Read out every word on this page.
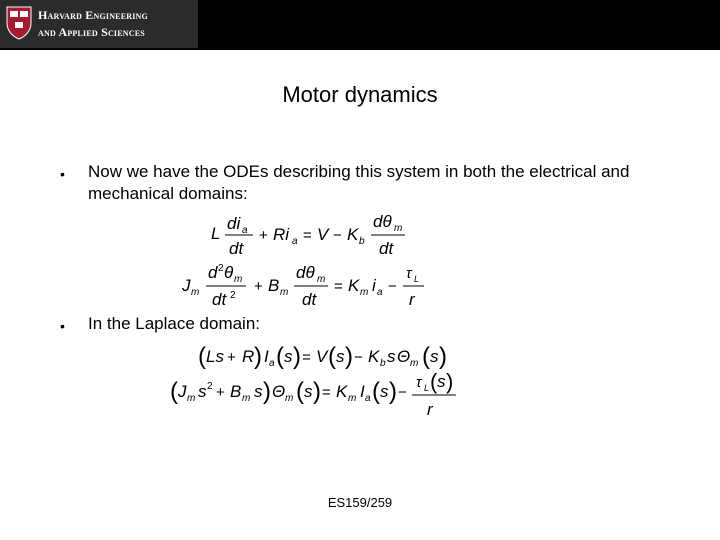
Harvard Engineering
and Applied Sciences
Motor dynamics
• Now we have the ODEs describing this system in both the electrical and mechanical domains:
L
di a
dt
+ Ri a = V − K b
dθ m
dt
J m
d 2 θ m
dt 2
+ B m
dθ m
dt
= K m i a −
τ L
r
• In the Laplace domain:
( Ls + R ) I a ( s ) = V ( s ) − K b s Θ m ( s )
( J m s 2 + B m s ) Θ m ( s ) = K m I a ( s ) −
τ L ( s )
r
ES159/259
